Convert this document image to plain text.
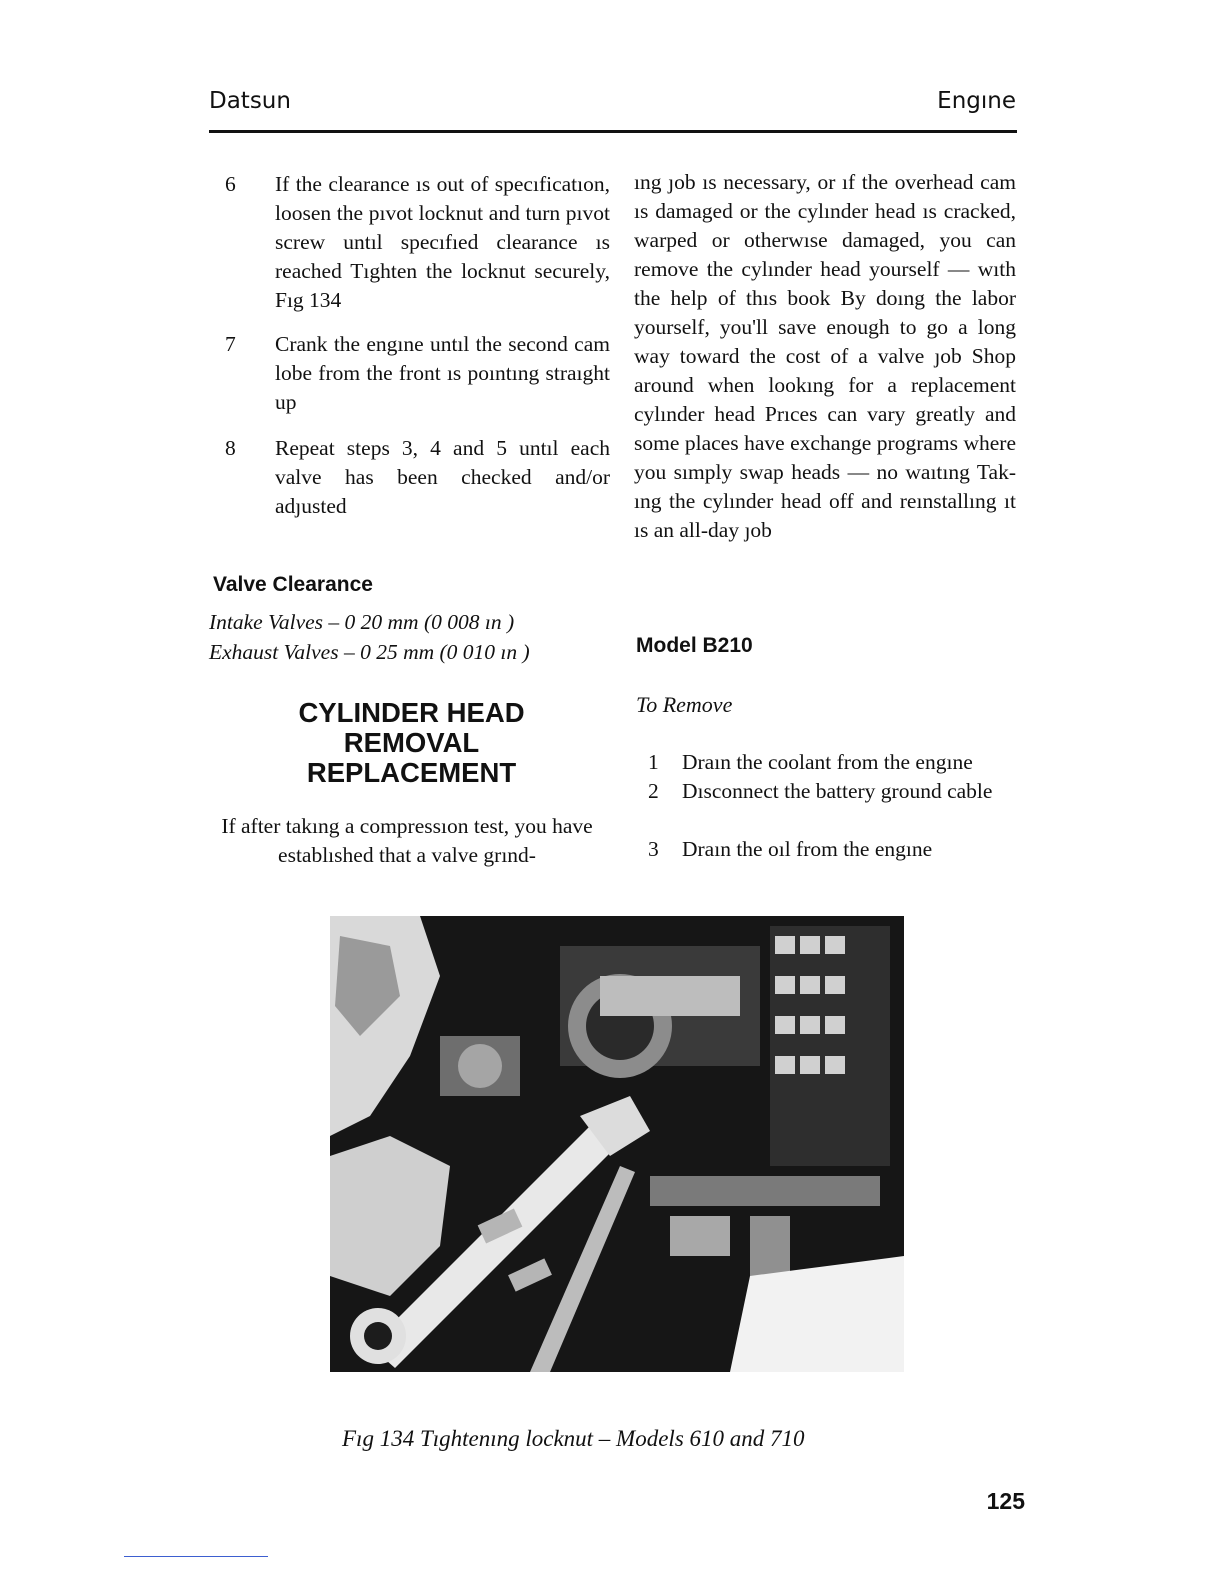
Datsun	Engıne
6	If the clearance ıs out of specıficatıon, loosen the pıvot locknut and turn pıvot screw untıl specıfıed clearance ıs reached Tıghten the locknut securely, Fıg 134
7	Crank the engıne untıl the second cam lobe from the front ıs poıntıng straıght up
8	Repeat steps 3, 4 and 5 untıl each valve has been checked and/or adȷusted
Valve Clearance
Intake Valves – 0 20 mm (0 008 ın )
Exhaust Valves – 0 25 mm (0 010 ın )
CYLINDER HEAD
REMOVAL
REPLACEMENT

If after takıng a compressıon test, you have establıshed that a valve grınd-

ıng ȷob ıs necessary, or ıf the overhead cam ıs damaged or the cylınder head ıs cracked, warped or otherwıse damaged, you can remove the cylınder head yourself — wıth the help of thıs book By doıng the labor yourself, you'll save enough to go a long way toward the cost of a valve ȷob Shop around when lookıng for a replacement cylınder head Prıces can vary greatly and some places have exchange programs where you sımply swap heads — no waıtıng Takıng the cylınder head off and reınstallıng ıt ıs an all-day ȷob

Model B210
To Remove
1 Draın the coolant from the engıne
2 Dısconnect the battery ground cable
3 Draın the oıl from the engıne
Fıg 134 Tıghtenıng locknut – Models 610 and 710
125
